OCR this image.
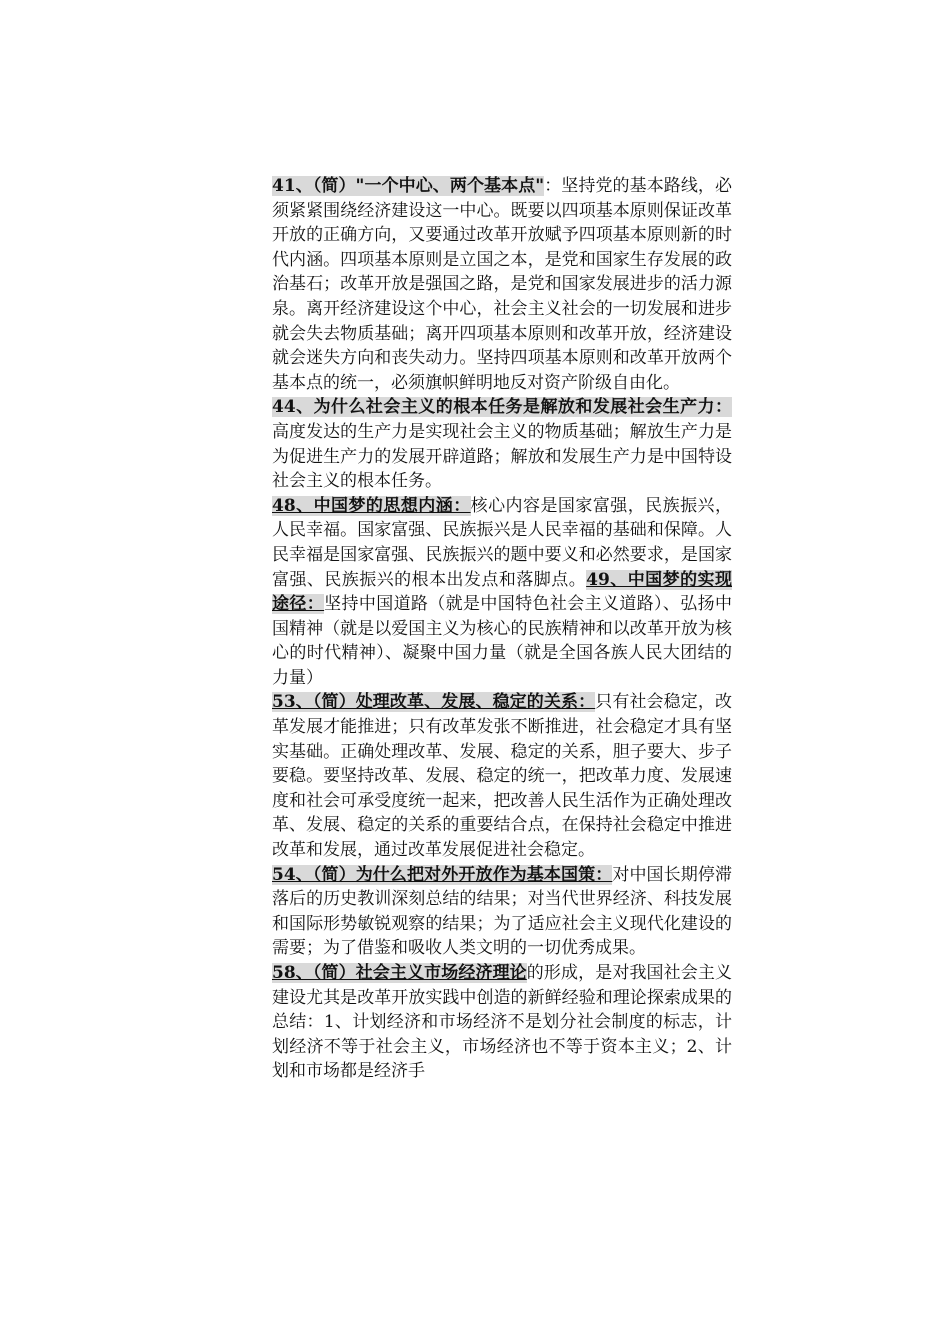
41、（简）"一个中心、两个基本点"：坚持党的基本路线，必须紧紧围绕经济建设这一中心。既要以四项基本原则保证改革开放的正确方向，又要通过改革开放赋予四项基本原则新的时代内涵。四项基本原则是立国之本，是党和国家生存发展的政治基石；改革开放是强国之路，是党和国家发展进步的活力源泉。离开经济建设这个中心，社会主义社会的一切发展和进步就会失去物质基础；离开四项基本原则和改革开放，经济建设就会迷失方向和丧失动力。坚持四项基本原则和改革开放两个基本点的统一，必须旗帜鲜明地反对资产阶级自由化。

44、为什么社会主义的根本任务是解放和发展社会生产力：高度发达的生产力是实现社会主义的物质基础；解放生产力是为促进生产力的发展开辟道路；解放和发展生产力是中国特设社会主义的根本任务。

48、中国梦的思想内涵：核心内容是国家富强，民族振兴，人民幸福。国家富强、民族振兴是人民幸福的基础和保障。人民幸福是国家富强、民族振兴的题中要义和必然要求，是国家富强、民族振兴的根本出发点和落脚点。49、中国梦的实现途径：坚持中国道路（就是中国特色社会主义道路）、弘扬中国精神（就是以爱国主义为核心的民族精神和以改革开放为核心的时代精神）、凝聚中国力量（就是全国各族人民大团结的力量）

53、（简）处理改革、发展、稳定的关系：只有社会稳定，改革发展才能推进；只有改革发张不断推进，社会稳定才具有坚实基础。正确处理改革、发展、稳定的关系，胆子要大、步子要稳。要坚持改革、发展、稳定的统一，把改革力度、发展速度和社会可承受度统一起来，把改善人民生活作为正确处理改革、发展、稳定的关系的重要结合点，在保持社会稳定中推进改革和发展，通过改革发展促进社会稳定。

54、（简）为什么把对外开放作为基本国策：对中国长期停滞落后的历史教训深刻总结的结果；对当代世界经济、科技发展和国际形势敏锐观察的结果；为了适应社会主义现代化建设的需要；为了借鉴和吸收人类文明的一切优秀成果。

58、（简）社会主义市场经济理论的形成，是对我国社会主义建设尤其是改革开放实践中创造的新鲜经验和理论探索成果的总结：1、计划经济和市场经济不是划分社会制度的标志，计划经济不等于社会主义，市场经济也不等于资本主义；2、计划和市场都是经济手
